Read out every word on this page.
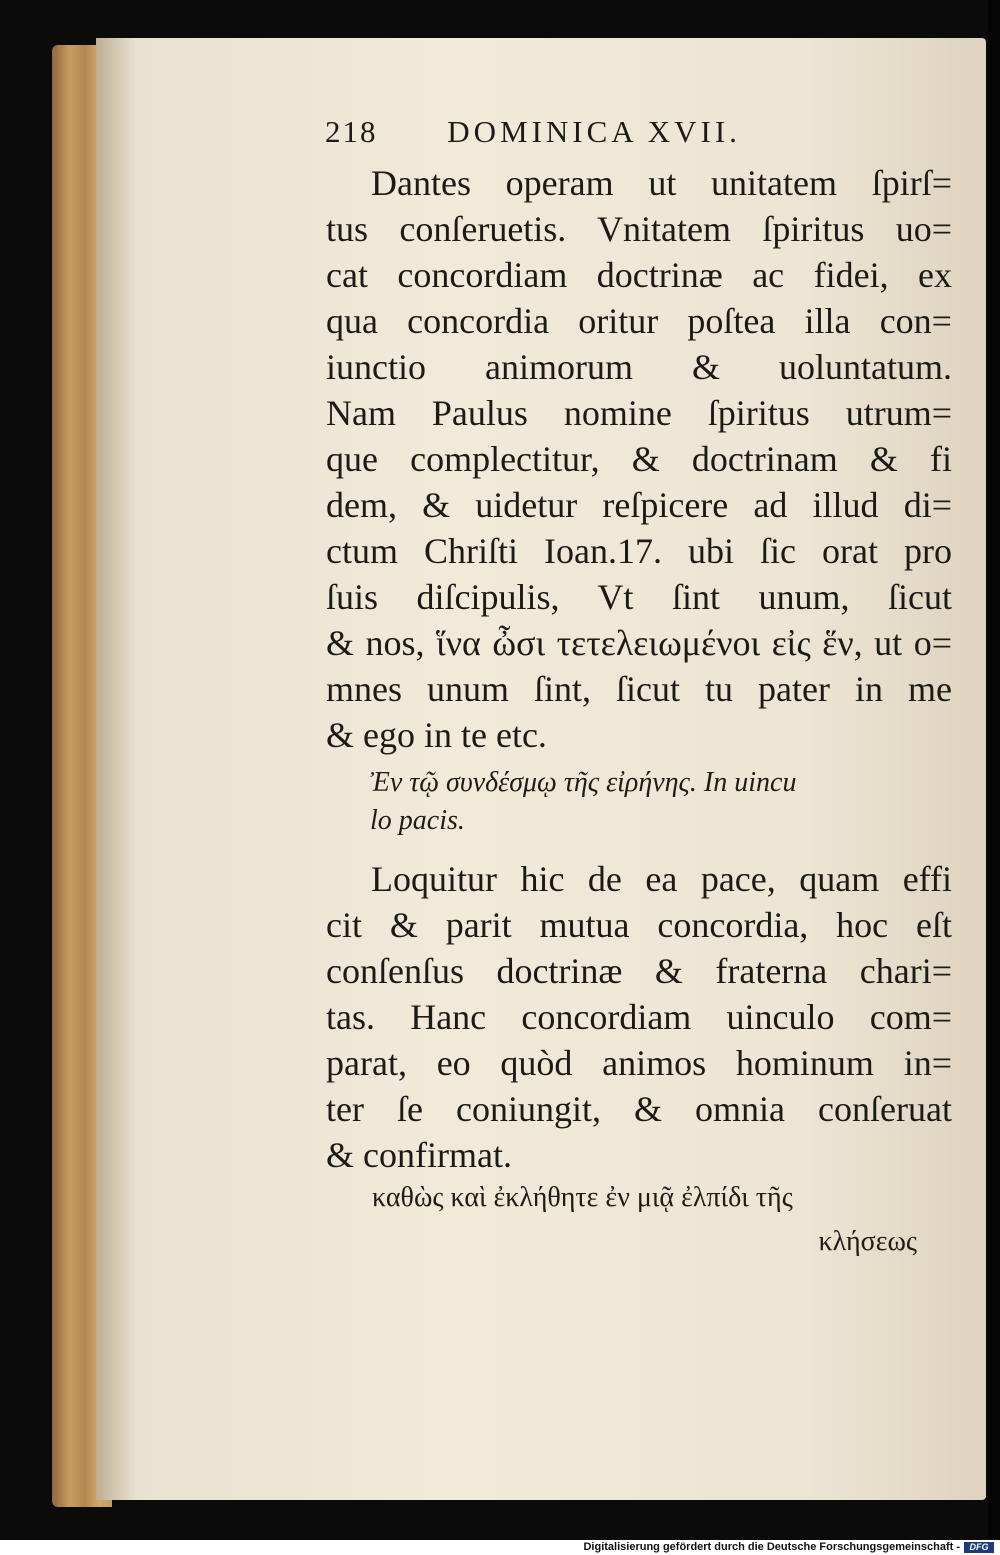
218 DOMINICA XVII.
Dantes operam ut unitatem ſpirſ=
tus conſeruetis. Vnitatem ſpiritus uo=
cat concordiam doctrinæ ac fidei, ex
qua concordia oritur poſtea illa con=
iunctio animorum & uoluntatum.
Nam Paulus nomine ſpiritus utrum=
que complectitur, & doctrinam & fi
dem, & uidetur reſpicere ad illud di=
ctum Chriſti Ioan.17. ubi ſic orat pro
ſuis diſcipulis, Vt ſint unum, ſicut
& nos, ἵνα ὦσι τετελειωμένοι εἰς ἕν, ut o=
mnes unum ſint, ſicut tu pater in me
& ego in te etc.
Ἐν τῷ συνδέσμῳ τῆς εἰρήνης. In uincu
lo pacis.
Loquitur hic de ea pace, quam effi
cit & parit mutua concordia, hoc eſt
conſenſus doctrinæ & fraterna chari=
tas. Hanc concordiam uinculo com=
parat, eo quòd animos hominum in=
ter ſe coniungit, & omnia conſeruat
& confirmat.
καθὼς καὶ ἐκλήθητε ἐν μιᾷ ἐλπίδι τῆς
κλήσεως
Digitalisierung gefördert durch die Deutsche Forschungsgemeinschaft -	DFG
